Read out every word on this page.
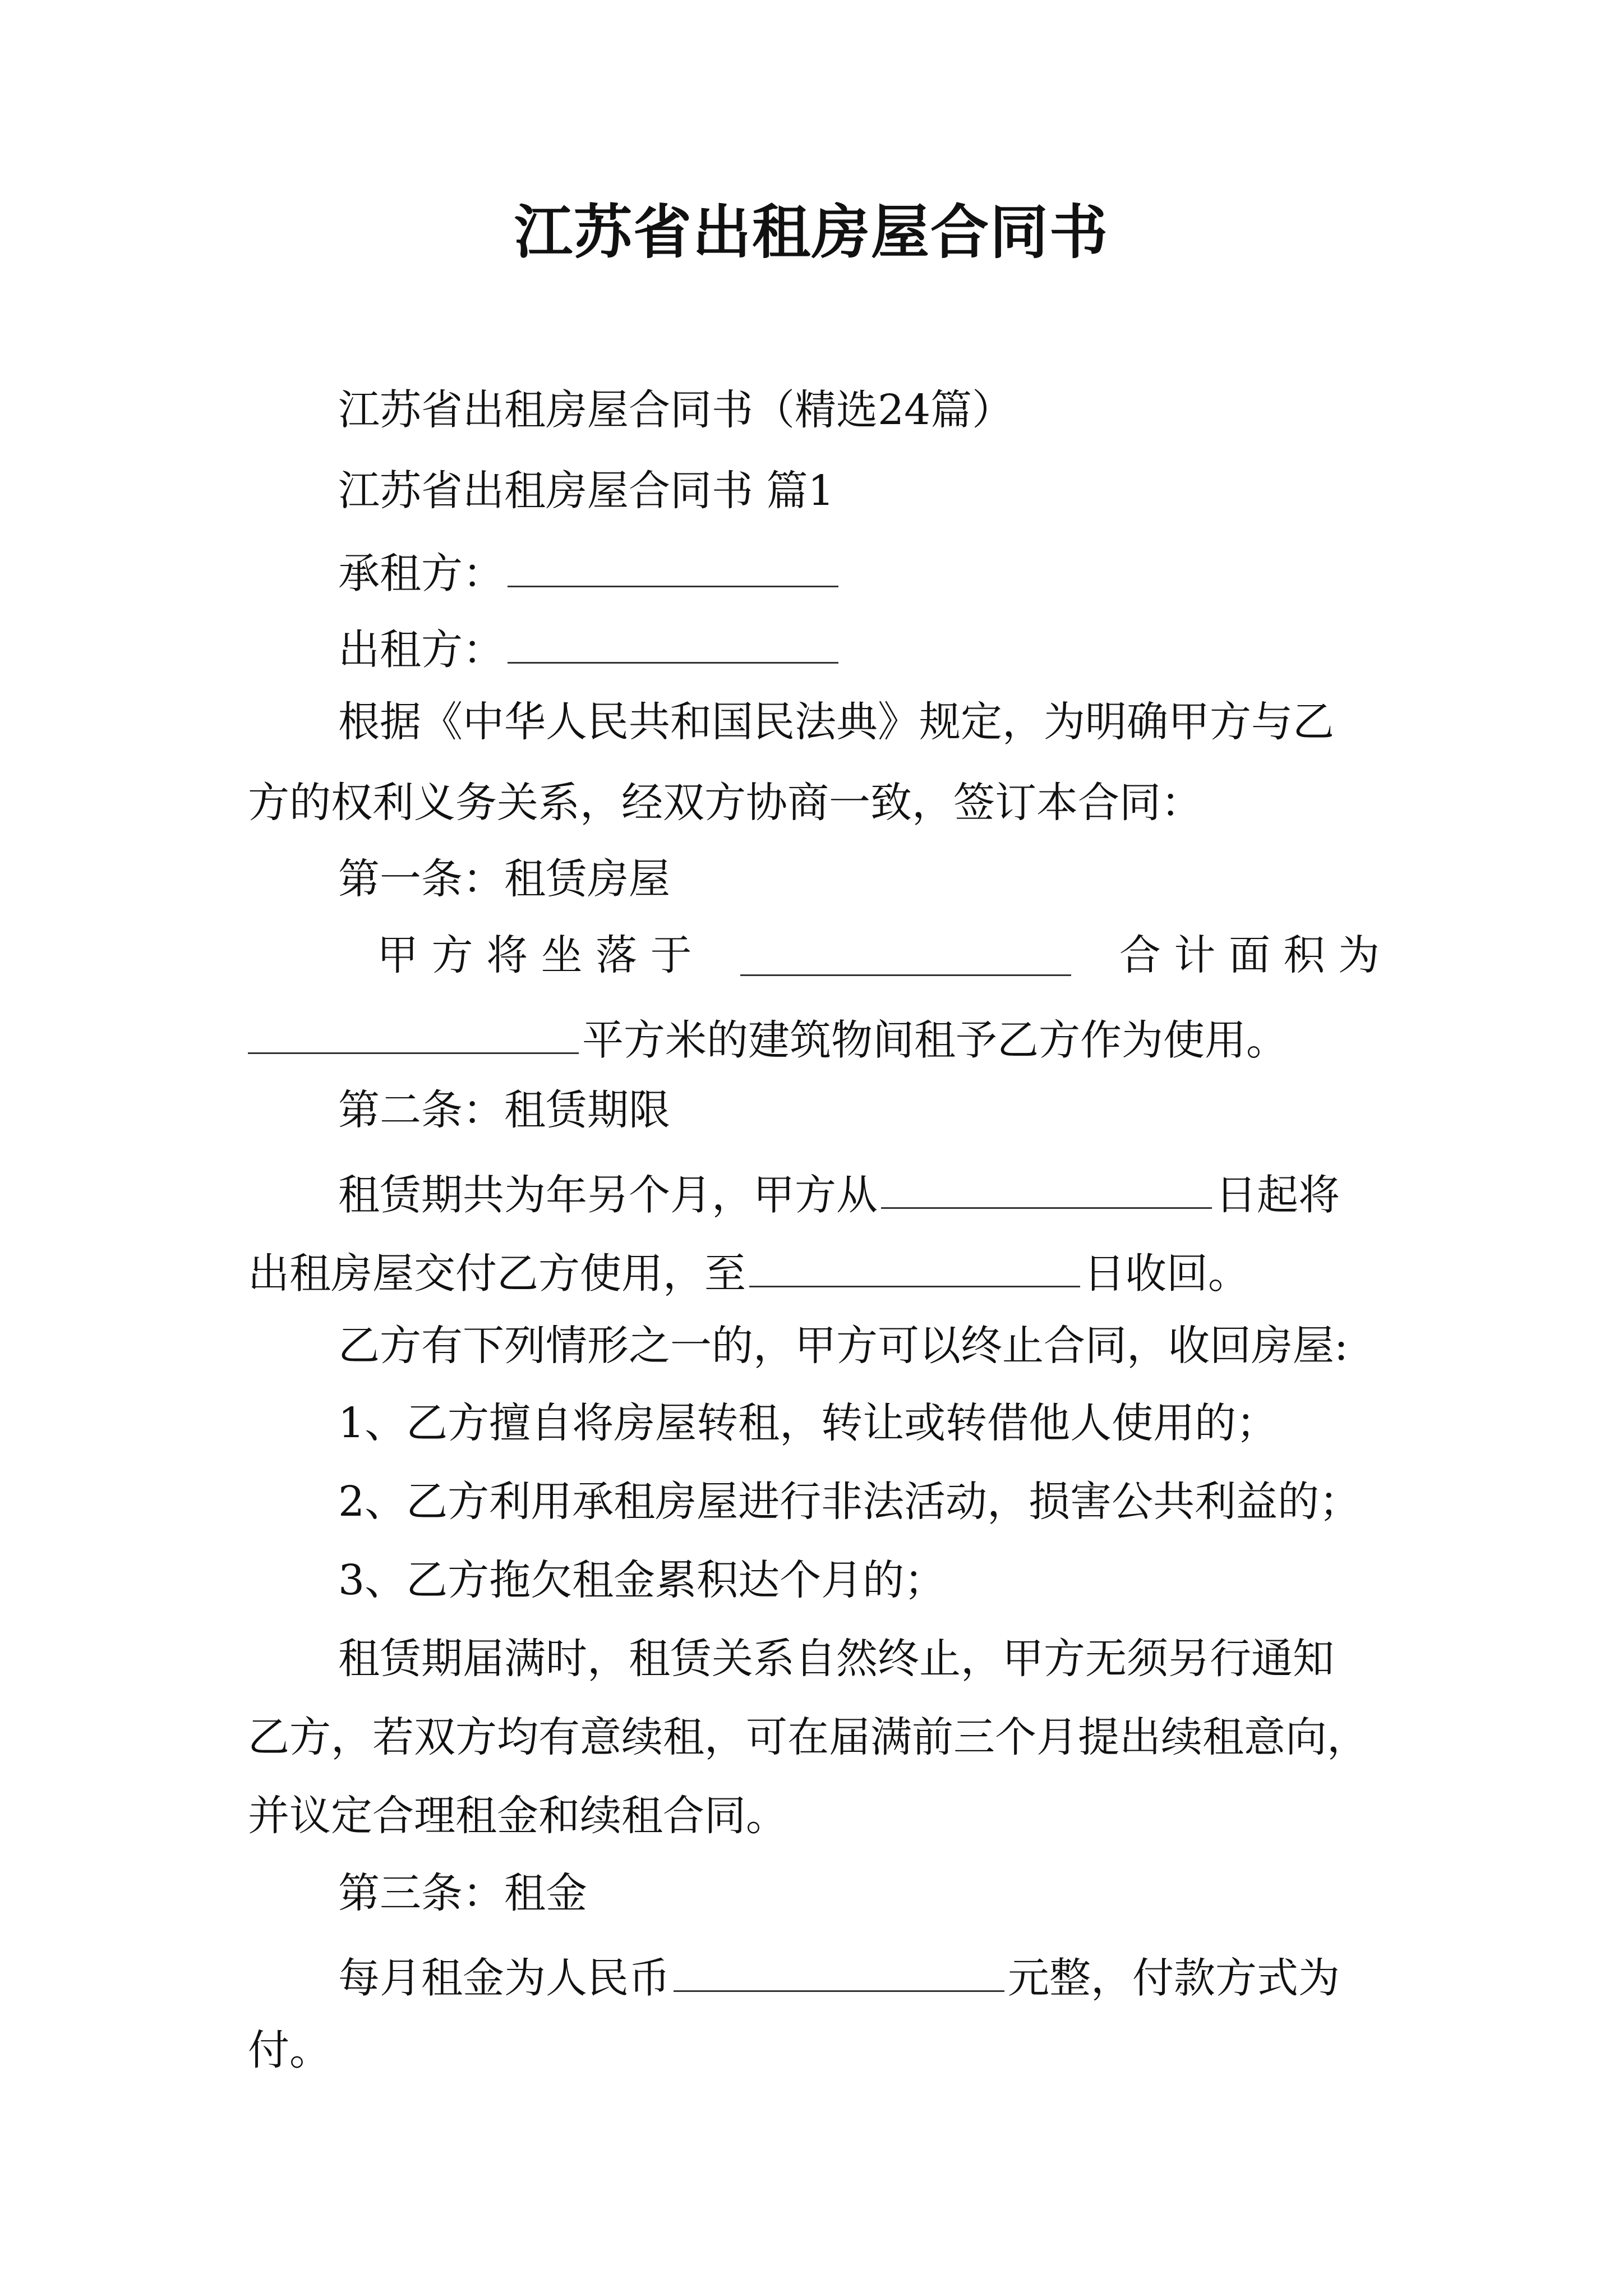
江苏省出租房屋合同书
江苏省出租房屋合同书（精选24篇）
江苏省出租房屋合同书 篇1
承租方：
出租方：
根据《中华人民共和国民法典》规定，为明确甲方与乙
方的权利义务关系，经双方协商一致，签订本合同：
第一条：租赁房屋
甲 方 将 坐 落 于	合 计 面 积 为
平方米的建筑物间租予乙方作为使用。
第二条：租赁期限
租赁期共为年另个月，甲方从	日起将
出租房屋交付乙方使用，至	日收回。
乙方有下列情形之一的，甲方可以终止合同，收回房屋:
1、乙方擅自将房屋转租，转让或转借他人使用的；
2、乙方利用承租房屋进行非法活动，损害公共利益的；
3、乙方拖欠租金累积达个月的；
租赁期届满时，租赁关系自然终止，甲方无须另行通知
乙方，若双方均有意续租，可在届满前三个月提出续租意向，
并议定合理租金和续租合同。
第三条：租金
每月租金为人民币	元整，付款方式为
付。
